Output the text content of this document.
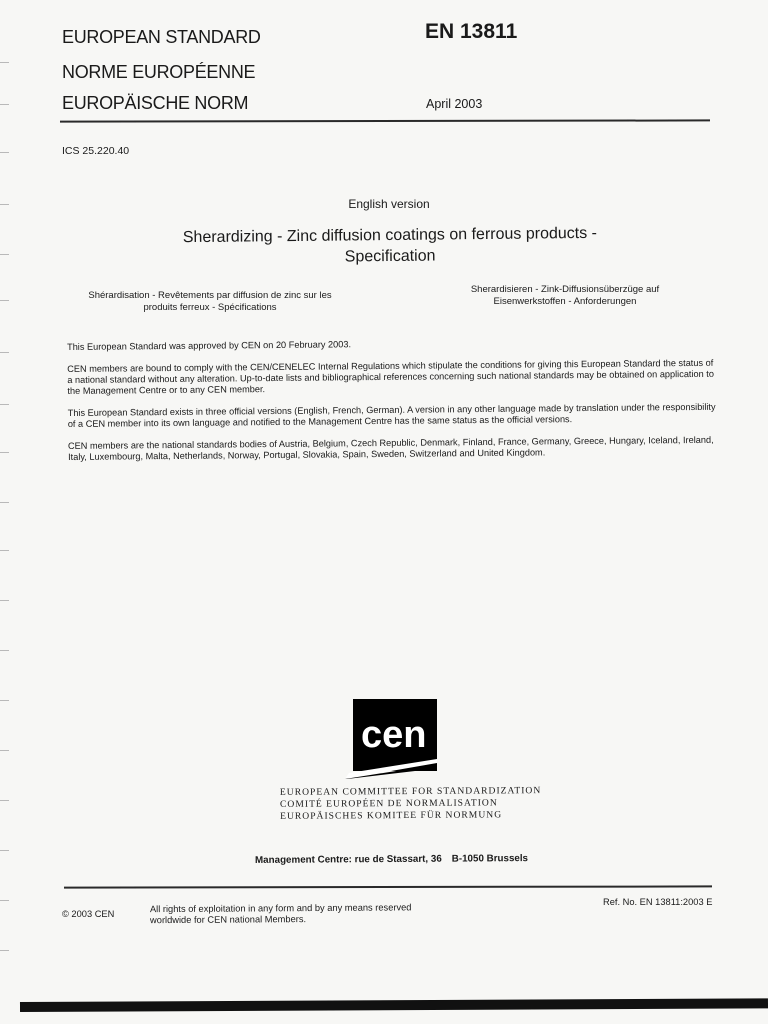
EUROPEAN STANDARD
NORME EUROPÉENNE
EUROPÄISCHE NORM
EN 13811
April 2003
ICS 25.220.40
English version
Sherardizing - Zinc diffusion coatings on ferrous products -
Specification
Shérardisation - Revêtements par diffusion de zinc sur les
produits ferreux - Spécifications
Sherardisieren - Zink-Diffusionsüberzüge auf
Eisenwerkstoffen - Anforderungen

This European Standard was approved by CEN on 20 February 2003.

CEN members are bound to comply with the CEN/CENELEC Internal Regulations which stipulate the conditions for giving this European Standard the status of a national standard without any alteration. Up-to-date lists and bibliographical references concerning such national standards may be obtained on application to the Management Centre or to any CEN member.

This European Standard exists in three official versions (English, French, German). A version in any other language made by translation under the responsibility of a CEN member into its own language and notified to the Management Centre has the same status as the official versions.

CEN members are the national standards bodies of Austria, Belgium, Czech Republic, Denmark, Finland, France, Germany, Greece, Hungary, Iceland, Ireland, Italy, Luxembourg, Malta, Netherlands, Norway, Portugal, Slovakia, Spain, Sweden, Switzerland and United Kingdom.

cen
EUROPEAN COMMITTEE FOR STANDARDIZATION
COMITÉ EUROPÉEN DE NORMALISATION
EUROPÄISCHES KOMITEE FÜR NORMUNG
Management Centre: rue de Stassart, 36 B-1050 Brussels
© 2003 CEN	All rights of exploitation in any form and by any means reserved
worldwide for CEN national Members.
Ref. No. EN 13811:2003 E
